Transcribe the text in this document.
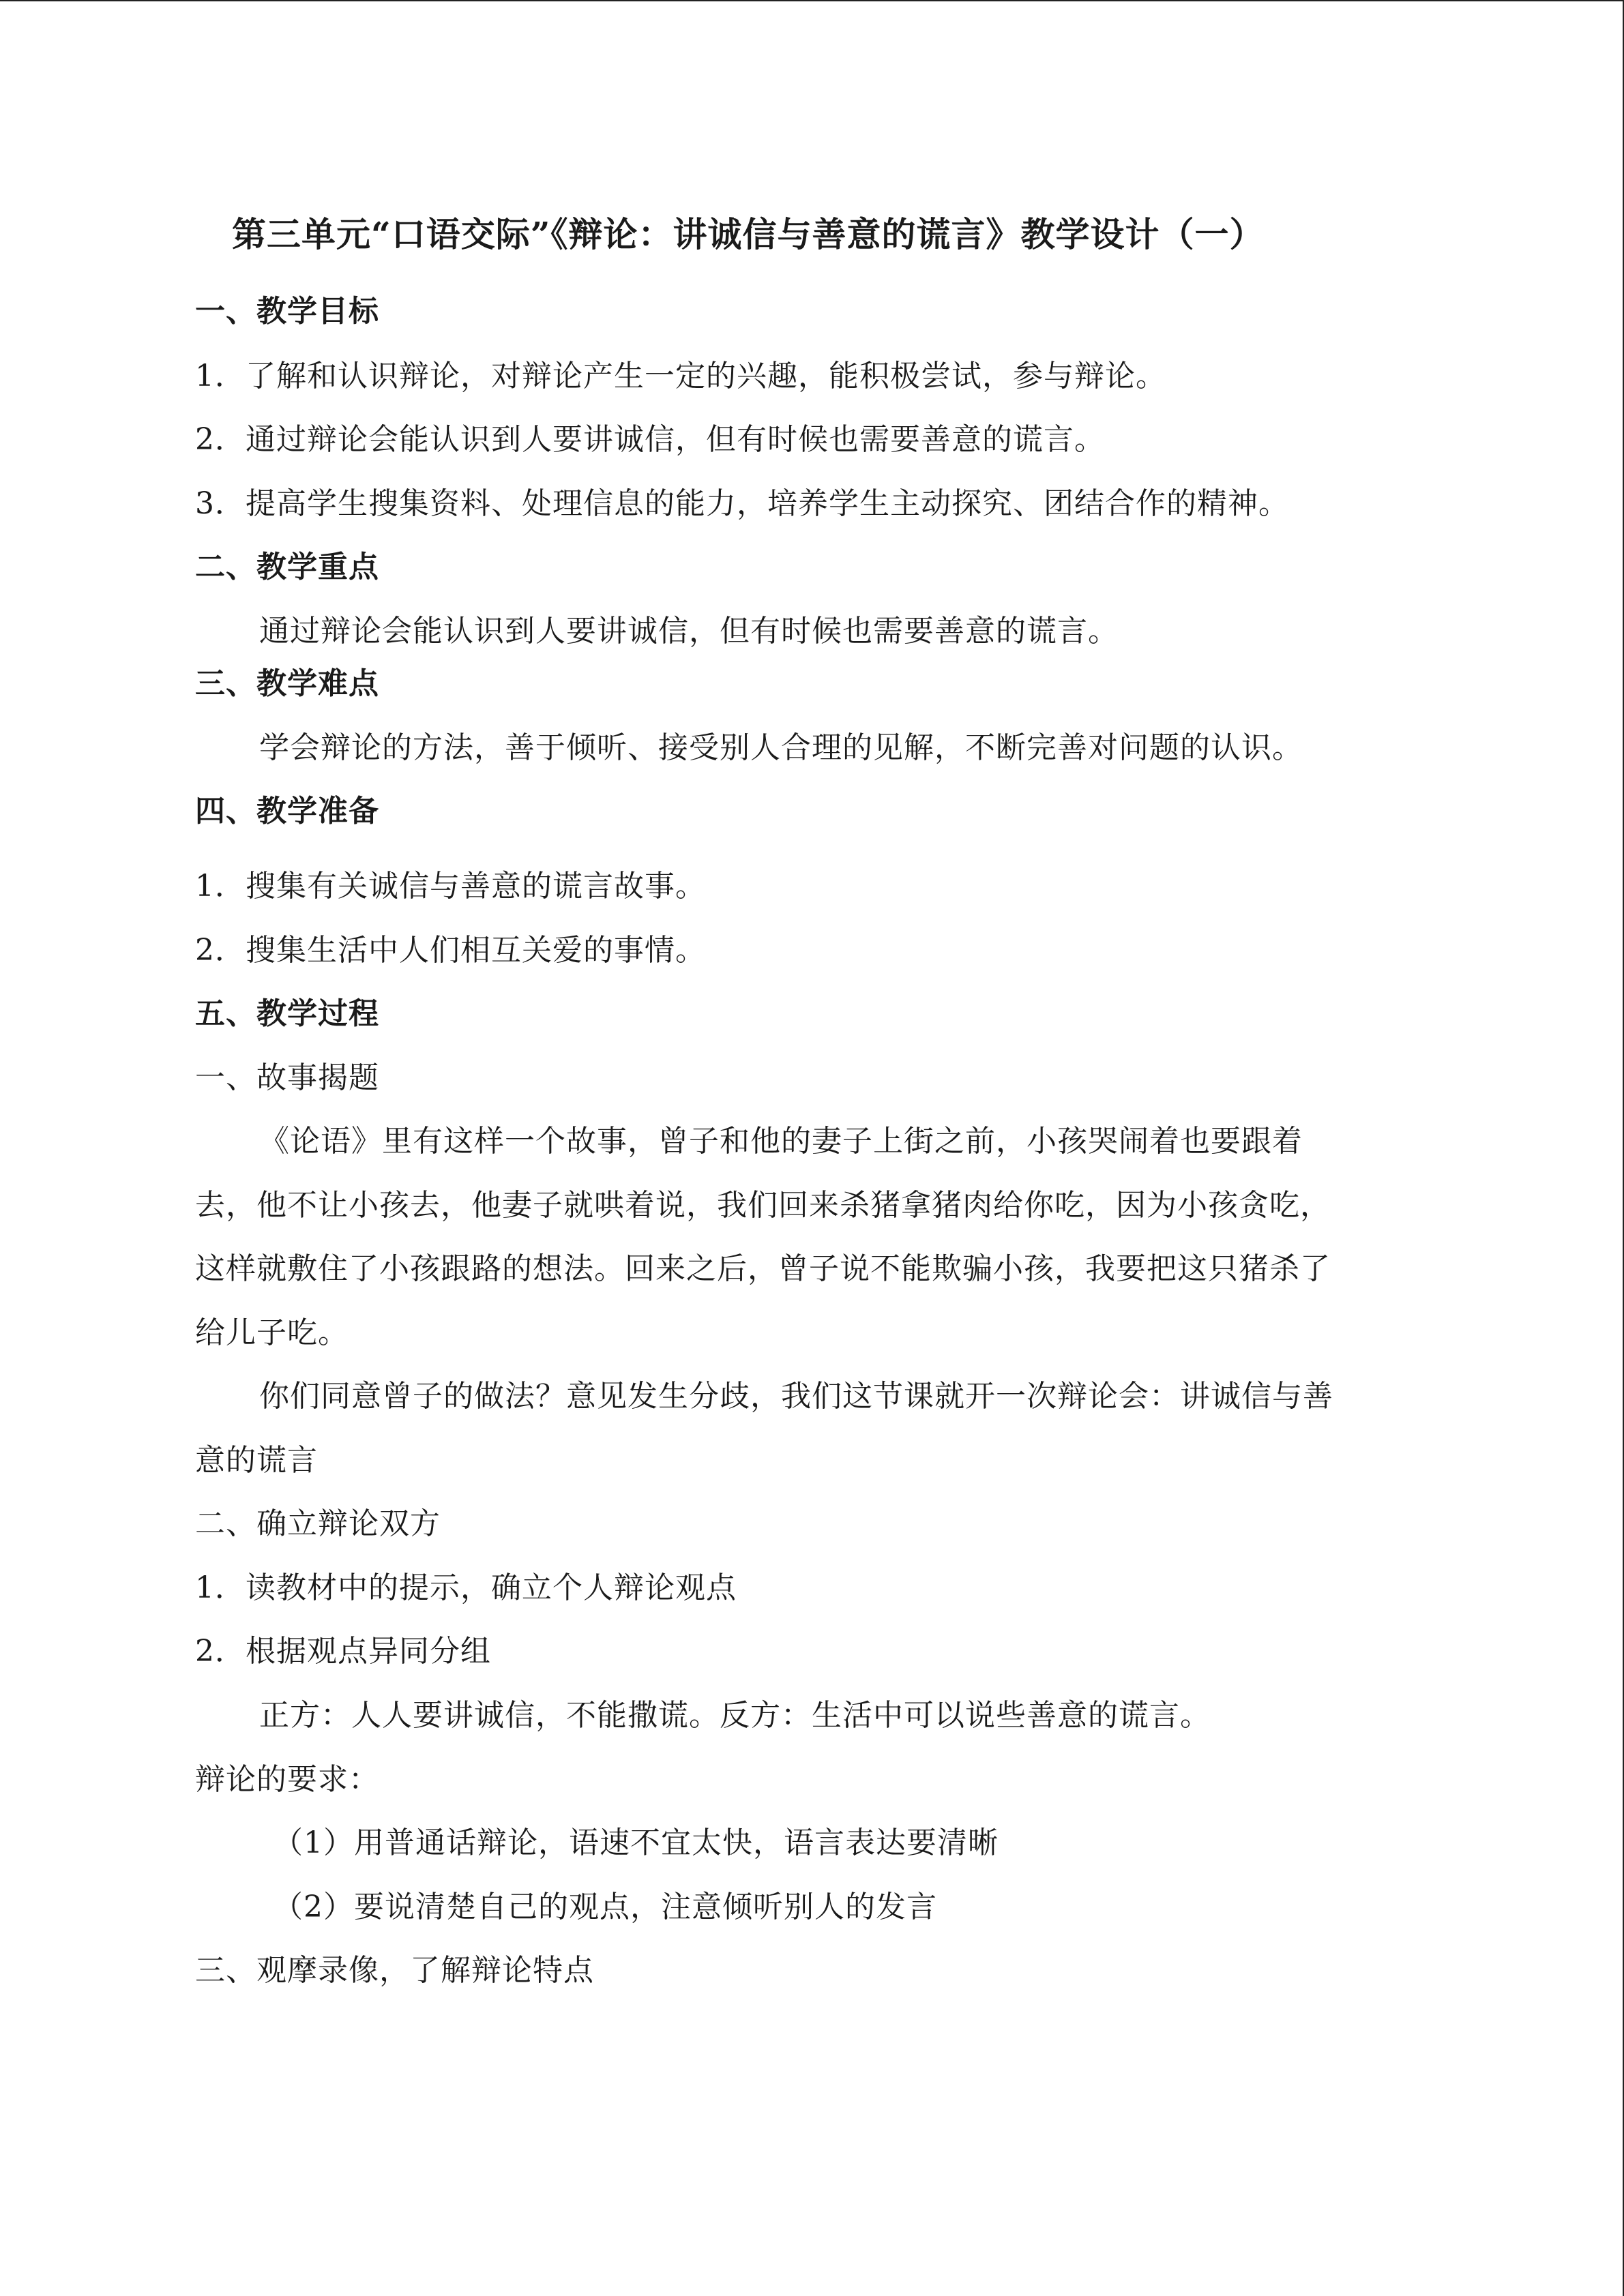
第三单元“口语交际”《辩论：讲诚信与善意的谎言》教学设计（一）
一、教学目标
1．了解和认识辩论，对辩论产生一定的兴趣，能积极尝试，参与辩论。
2．通过辩论会能认识到人要讲诚信，但有时候也需要善意的谎言。
3．提高学生搜集资料、处理信息的能力，培养学生主动探究、团结合作的精神。
二、教学重点
通过辩论会能认识到人要讲诚信，但有时候也需要善意的谎言。
三、教学难点
学会辩论的方法，善于倾听、接受别人合理的见解，不断完善对问题的认识。
四、教学准备
1．搜集有关诚信与善意的谎言故事。
2．搜集生活中人们相互关爱的事情。
五、教学过程
一、故事揭题
《论语》里有这样一个故事，曾子和他的妻子上街之前，小孩哭闹着也要跟着
去，他不让小孩去，他妻子就哄着说，我们回来杀猪拿猪肉给你吃，因为小孩贪吃，
这样就敷住了小孩跟路的想法。回来之后，曾子说不能欺骗小孩，我要把这只猪杀了
给儿子吃。
你们同意曾子的做法？意见发生分歧，我们这节课就开一次辩论会：讲诚信与善
意的谎言
二、确立辩论双方
1．读教材中的提示，确立个人辩论观点
2．根据观点异同分组
正方：人人要讲诚信，不能撒谎。反方：生活中可以说些善意的谎言。
辩论的要求：
（1）用普通话辩论，语速不宜太快，语言表达要清晰
（2）要说清楚自己的观点，注意倾听别人的发言
三、观摩录像，了解辩论特点
